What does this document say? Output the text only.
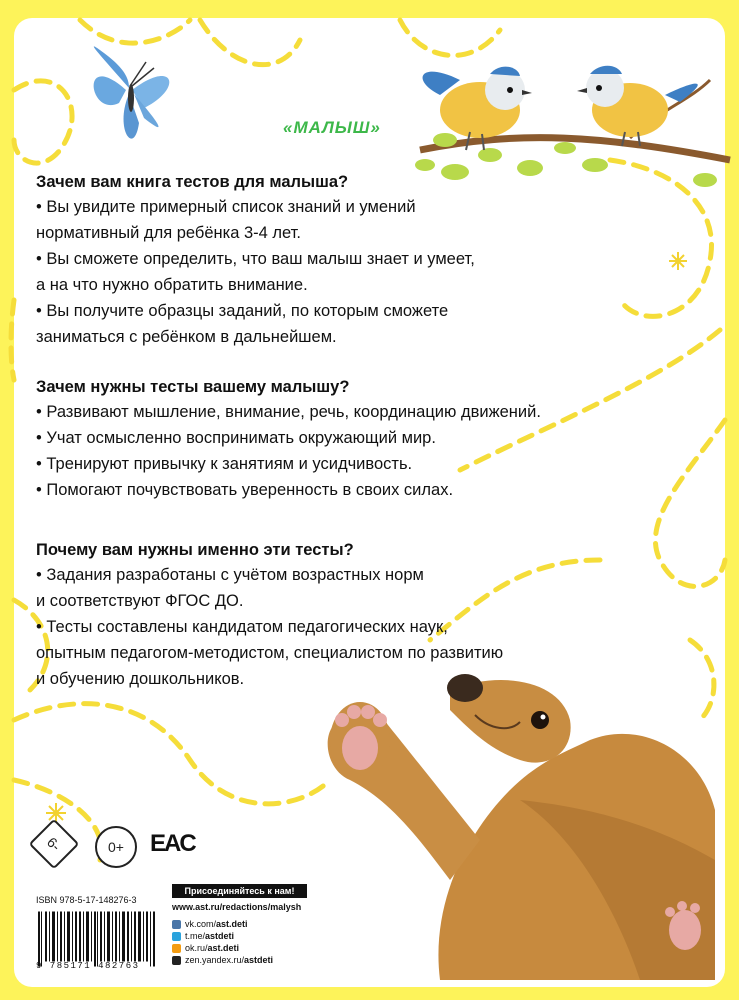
«МАЛЫШ»
Зачем вам книга тестов для малыша?

• Вы увидите примерный список знаний и умений

нормативный для ребёнка 3-4 лет.

• Вы сможете определить, что ваш малыш знает и умеет,

а на что нужно обратить внимание.

• Вы получите образцы заданий, по которым сможете

заниматься с ребёнком в дальнейшем.

Зачем нужны тесты вашему малышу?

• Развивают мышление, внимание, речь, координацию движений.

• Учат осмысленно воспринимать окружающий мир.

• Тренируют привычку к занятиям и усидчивость.

• Помогают почувствовать уверенность в своих силах.

Почему вам нужны именно эти тесты?

• Задания разработаны с учётом возрастных норм

и соответствуют ФГОС ДО.

• Тесты составлены кандидатом педагогических наук,

опытным педагогом-методистом, специалистом по развитию

и обучению дошкольников.

6-	0+	EAC
ISBN 978-5-17-148276-3
9 785171 482763
Присоединяйтесь к нам!
www.ast.ru/redactions/malysh
vk.com/ ast.deti
t.me/ astdeti
ok.ru/ ast.deti
zen.yandex.ru/ astdeti
